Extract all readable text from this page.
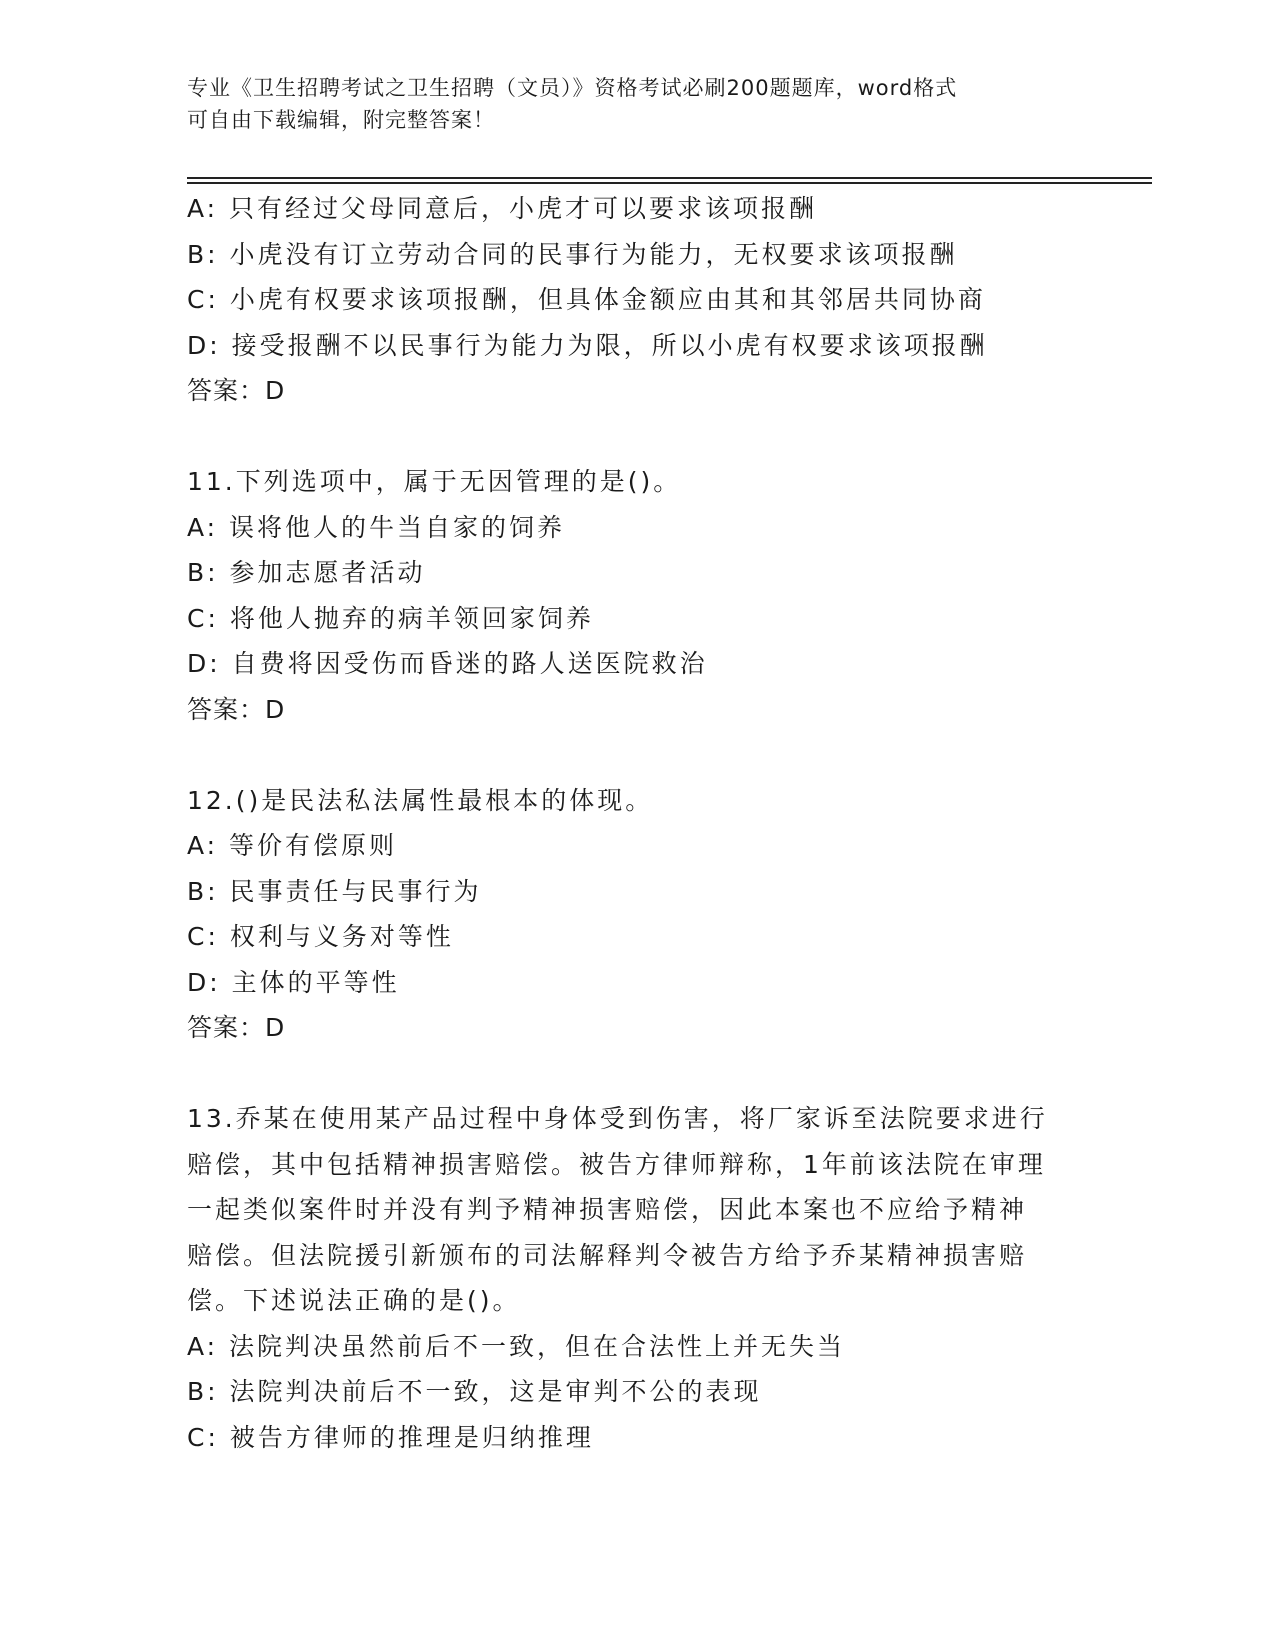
专业《卫生招聘考试之卫生招聘（文员）》资格考试必刷200题题库，word格式
可自由下载编辑，附完整答案！
A: 只有经过父母同意后，小虎才可以要求该项报酬
B: 小虎没有订立劳动合同的民事行为能力，无权要求该项报酬
C: 小虎有权要求该项报酬，但具体金额应由其和其邻居共同协商
D: 接受报酬不以民事行为能力为限，所以小虎有权要求该项报酬
答案：D
11.下列选项中，属于无因管理的是()。
A: 误将他人的牛当自家的饲养
B: 参加志愿者活动
C: 将他人抛弃的病羊领回家饲养
D: 自费将因受伤而昏迷的路人送医院救治
答案：D
12.()是民法私法属性最根本的体现。
A: 等价有偿原则
B: 民事责任与民事行为
C: 权利与义务对等性
D: 主体的平等性
答案：D
13.乔某在使用某产品过程中身体受到伤害，将厂家诉至法院要求进行
赔偿，其中包括精神损害赔偿。被告方律师辩称，1年前该法院在审理
一起类似案件时并没有判予精神损害赔偿，因此本案也不应给予精神
赔偿。但法院援引新颁布的司法解释判令被告方给予乔某精神损害赔
偿。下述说法正确的是()。
A: 法院判决虽然前后不一致，但在合法性上并无失当
B: 法院判决前后不一致，这是审判不公的表现
C: 被告方律师的推理是归纳推理
